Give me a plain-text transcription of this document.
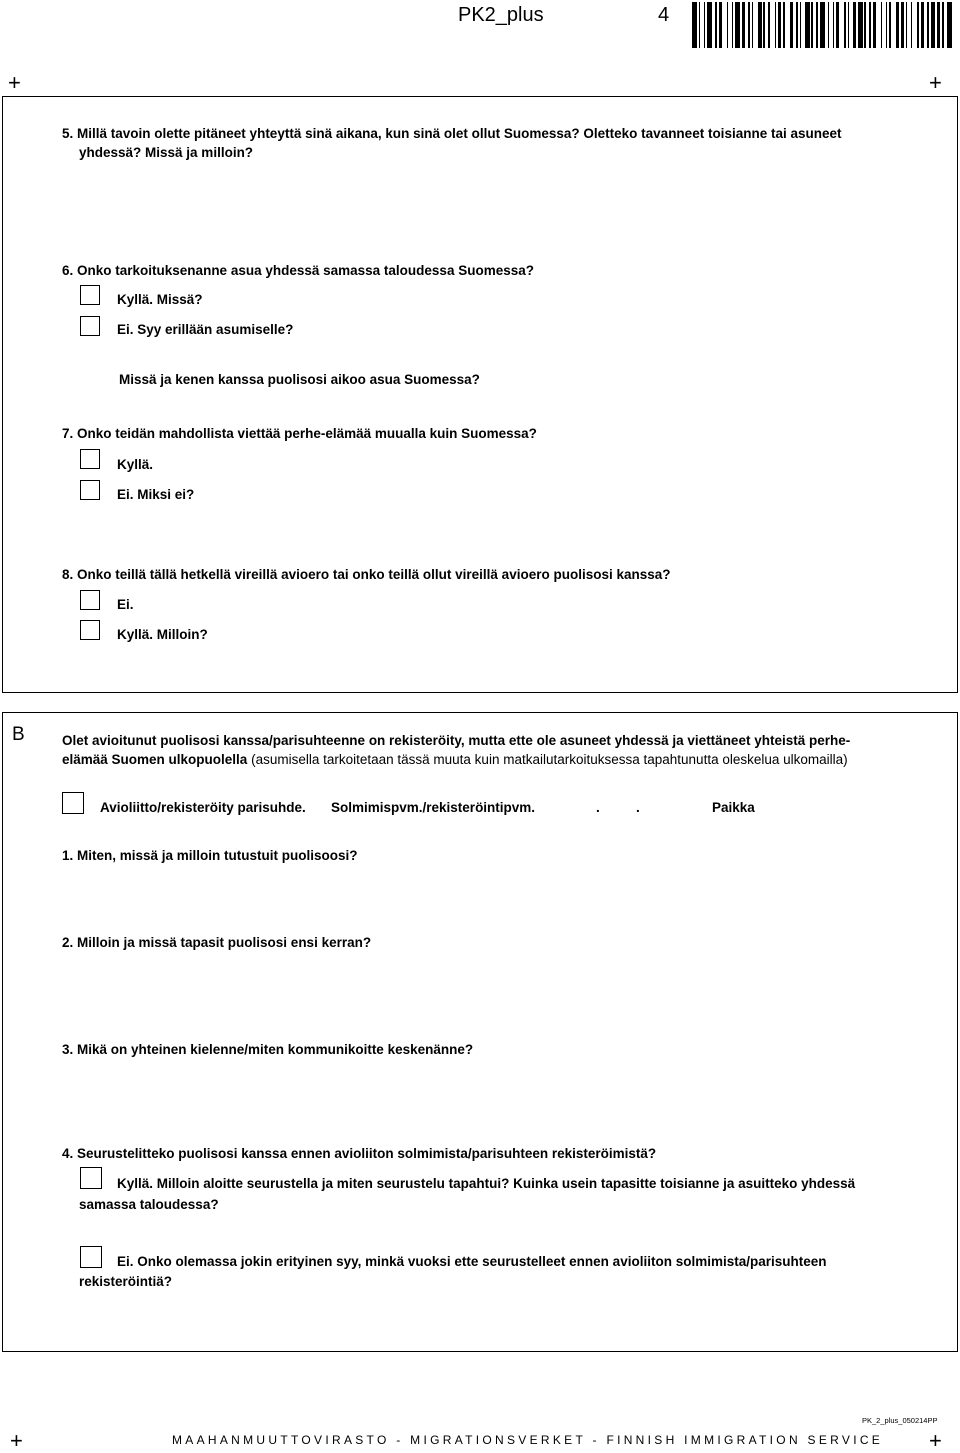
PK2_plus	4
+	+
+	+
5. Millä tavoin olette pitäneet yhteyttä sinä aikana, kun sinä olet ollut Suomessa? Oletteko tavanneet toisianne tai asuneet
yhdessä? Missä ja milloin?
6. Onko tarkoituksenanne asua yhdessä samassa taloudessa Suomessa?
Kyllä. Missä?
Ei. Syy erillään asumiselle?
Missä ja kenen kanssa puolisosi aikoo asua Suomessa?
7. Onko teidän mahdollista viettää perhe-elämää muualla kuin Suomessa?
Kyllä.
Ei. Miksi ei?
8. Onko teillä tällä hetkellä vireillä avioero tai onko teillä ollut vireillä avioero puolisosi kanssa?
Ei.
Kyllä. Milloin?
B	Olet avioitunut puolisosi kanssa/parisuhteenne on rekisteröity, mutta ette ole asuneet yhdessä ja viettäneet yhteistä perhe-
elämää Suomen ulkopuolella (asumisella tarkoitetaan tässä muuta kuin matkailutarkoituksessa tapahtunutta oleskelua ulkomailla)
Avioliitto/rekisteröity parisuhde. Solmimispvm./rekisteröintipvm.	.	.	Paikka
1. Miten, missä ja milloin tutustuit puolisoosi?
2. Milloin ja missä tapasit puolisosi ensi kerran?
3. Mikä on yhteinen kielenne/miten kommunikoitte keskenänne?
4. Seurustelitteko puolisosi kanssa ennen avioliiton solmimista/parisuhteen rekisteröimistä?
Kyllä. Milloin aloitte seurustella ja miten seurustelu tapahtui? Kuinka usein tapasitte toisianne ja asuitteko yhdessä
samassa taloudessa?
Ei. Onko olemassa jokin erityinen syy, minkä vuoksi ette seurustelleet ennen avioliiton solmimista/parisuhteen
rekisteröintiä?
PK_2_plus_050214PP
MAAHANMUUTTOVIRASTO - MIGRATIONSVERKET - FINNISH IMMIGRATION SERVICE
